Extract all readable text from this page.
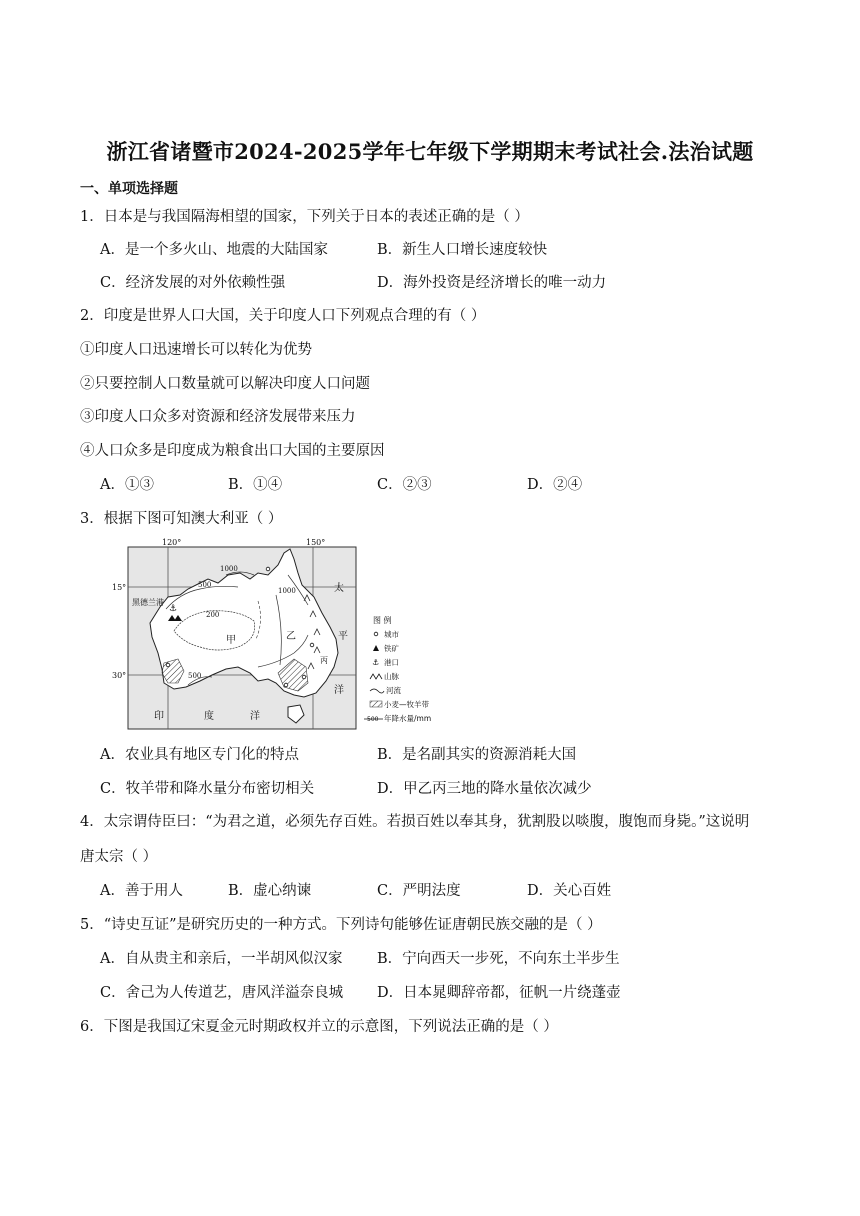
浙江省诸暨市2024-2025学年七年级下学期期末考试社会.法治试题
一、单项选择题
1．日本是与我国隔海相望的国家，下列关于日本的表述正确的是（ ）
A．是一个多火山、地震的大陆国家	B．新生人口增长速度较快
C．经济发展的对外依赖性强	D．海外投资是经济增长的唯一动力
2．印度是世界人口大国，关于印度人口下列观点合理的有（ ）
①印度人口迅速增长可以转化为优势
②只要控制人口数量就可以解决印度人口问题
③印度人口众多对资源和经济发展带来压力
④人口众多是印度成为粮食出口大国的主要原因
A．①③	B．①④	C．②③	D．②④
3．根据下图可知澳大利亚（ ）
⚓
120°	150°
15°
30°
黑德兰港
1000
500
200
1000
500
甲	乙
丙
太
平
洋
印	度	洋
图 例
城市
铁矿
⚓ 港口
山脉
河流
小麦—牧羊带
500 年降水量/mm
A．农业具有地区专门化的特点	B．是名副其实的资源消耗大国
C．牧羊带和降水量分布密切相关	D．甲乙丙三地的降水量依次减少
4．太宗谓侍臣曰：“为君之道，必须先存百姓。若损百姓以奉其身，犹割股以啖腹，腹饱而身毙。”这说明
唐太宗（ ）
A．善于用人	B．虚心纳谏	C．严明法度	D．关心百姓
5．“诗史互证”是研究历史的一种方式。下列诗句能够佐证唐朝民族交融的是（ ）
A．自从贵主和亲后，一半胡风似汉家 B．宁向西天一步死，不向东土半步生
C．舍己为人传道艺，唐风洋溢奈良城 D．日本晁卿辞帝都，征帆一片绕蓬壶
6．下图是我国辽宋夏金元时期政权并立的示意图，下列说法正确的是（ ）
